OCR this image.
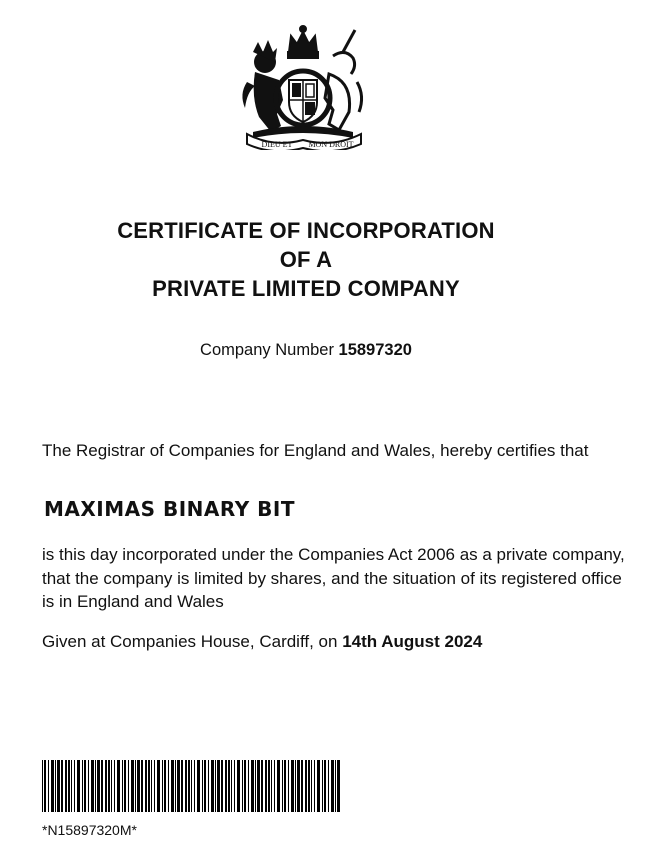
DIEU ET MON DROIT
CERTIFICATE OF INCORPORATION
OF A
PRIVATE LIMITED COMPANY
Company Number 15897320
The Registrar of Companies for England and Wales, hereby certifies that
MAXIMAS BINARY BIT
is this day incorporated under the Companies Act 2006 as a private company, that the company is limited by shares, and the situation of its registered office is in England and Wales
Given at Companies House, Cardiff, on 14th August 2024
*N15897320M*
